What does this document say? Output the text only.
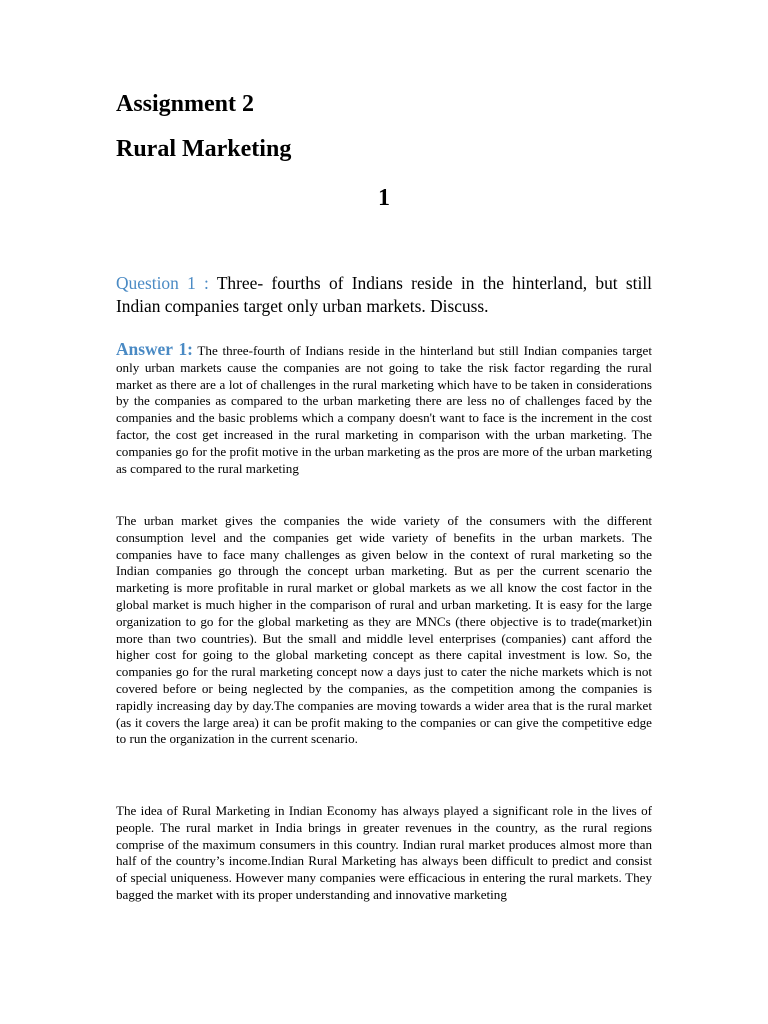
Assignment 2
Rural Marketing
1
Question 1 : Three- fourths of Indians reside in the hinterland, but still Indian companies target only urban markets. Discuss.
Answer 1: The three-fourth of Indians reside in the hinterland but still Indian companies target only urban markets cause the companies are not going to take the risk factor regarding the rural market as there are a lot of challenges in the rural marketing which have to be taken in considerations by the companies as compared to the urban marketing there are less no of challenges faced by the companies and the basic problems which a company doesn't want to face is the increment in the cost factor, the cost get increased in the rural marketing in comparison with the urban marketing. The companies go for the profit motive in the urban marketing as the pros are more of the urban marketing as compared to the rural marketing
The urban market gives the companies the wide variety of the consumers with the different consumption level and the companies get wide variety of benefits in the urban markets. The companies have to face many challenges as given below in the context of rural marketing so the Indian companies go through the concept urban marketing. But as per the current scenario the marketing is more profitable in rural market or global markets as we all know the cost factor in the global market is much higher in the comparison of rural and urban marketing. It is easy for the large organization to go for the global marketing as they are MNCs (there objective is to trade(market)in more than two countries). But the small and middle level enterprises (companies) cant afford the higher cost for going to the global marketing concept as there capital investment is low. So, the companies go for the rural marketing concept now a days just to cater the niche markets which is not covered before or being neglected by the companies, as the competition among the companies is rapidly increasing day by day.The companies are moving towards a wider area that is the rural market (as it covers the large area) it can be profit making to the companies or can give the competitive edge to run the organization in the current scenario.
The idea of Rural Marketing in Indian Economy has always played a significant role in the lives of people. The rural market in India brings in greater revenues in the country, as the rural regions comprise of the maximum consumers in this country. Indian rural market produces almost more than half of the country’s income.Indian Rural Marketing has always been difficult to predict and consist of special uniqueness. However many companies were efficacious in entering the rural markets. They bagged the market with its proper understanding and innovative marketing
